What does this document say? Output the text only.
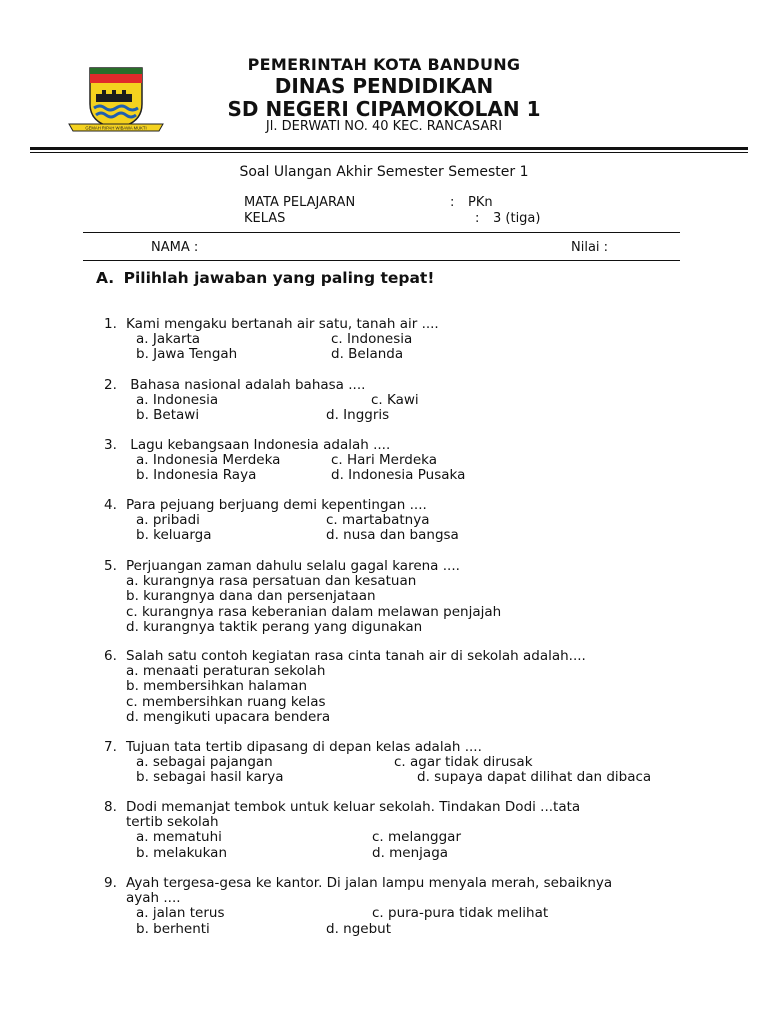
GEMAH RIPAH WIBAWA MUKTI
PEMERINTAH KOTA BANDUNG
DINAS PENDIDIKAN
SD NEGERI CIPAMOKOLAN 1
Jl. DERWATI NO. 40 KEC. RANCASARI
Soal Ulangan Akhir Semester Semester 1
MATA PELAJARAN	: PKn
KELAS	: 3 (tiga)
NAMA :	Nilai :
A. Pilihlah jawaban yang paling tepat!
1. Kami mengaku bertanah air satu, tanah air ....
a. Jakarta	c. Indonesia
b. Jawa Tengah	d. Belanda
2. Bahasa nasional adalah bahasa ....
a. Indonesia	c. Kawi
b. Betawi	d. Inggris
3. Lagu kebangsaan Indonesia adalah ....
a. Indonesia Merdeka	c. Hari Merdeka
b. Indonesia Raya	d. Indonesia Pusaka
4. Para pejuang berjuang demi kepentingan ....
a. pribadi	c. martabatnya
b. keluarga	d. nusa dan bangsa
5. Perjuangan zaman dahulu selalu gagal karena ....
a. kurangnya rasa persatuan dan kesatuan
b. kurangnya dana dan persenjataan
c. kurangnya rasa keberanian dalam melawan penjajah
d. kurangnya taktik perang yang digunakan
6. Salah satu contoh kegiatan rasa cinta tanah air di sekolah adalah....
a. menaati peraturan sekolah
b. membersihkan halaman
c. membersihkan ruang kelas
d. mengikuti upacara bendera
7. Tujuan tata tertib dipasang di depan kelas adalah ....
a. sebagai pajangan	c. agar tidak dirusak
b. sebagai hasil karya	d. supaya dapat dilihat dan dibaca
8. Dodi memanjat tembok untuk keluar sekolah. Tindakan Dodi ...tata
tertib sekolah
a. mematuhi	c. melanggar
b. melakukan	d. menjaga
9. Ayah tergesa-gesa ke kantor. Di jalan lampu menyala merah, sebaiknya
ayah ....
a. jalan terus	c. pura-pura tidak melihat
b. berhenti	d. ngebut
